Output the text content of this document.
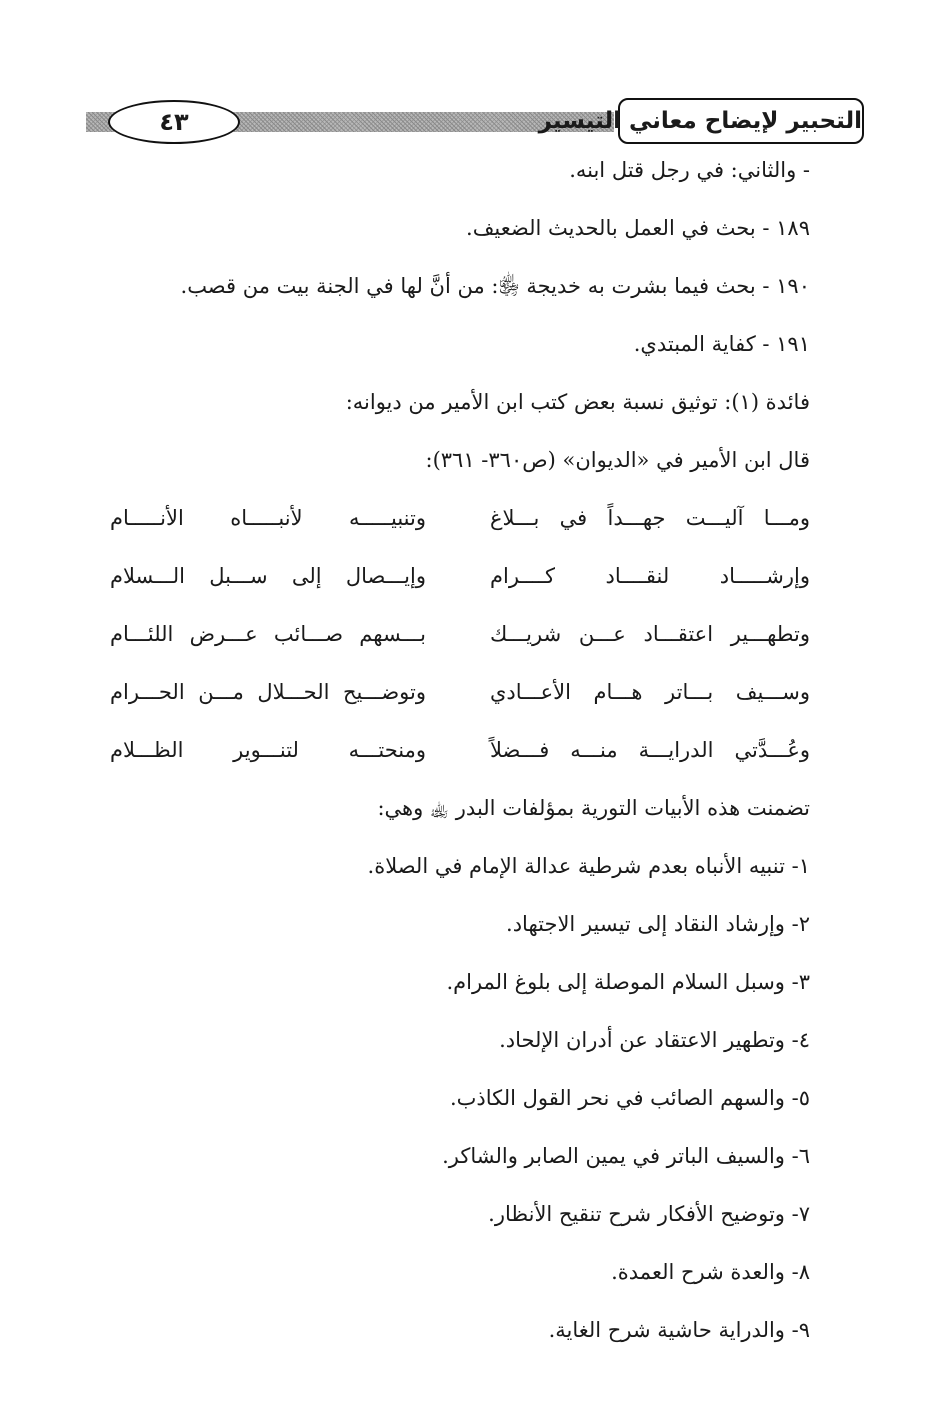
٤٣	التحبير لإيضاح معاني التيسير
- والثاني: في رجل قتل ابنه.
١٨٩ - بحث في العمل بالحديث الضعيف.
١٩٠ - بحث فيما بشرت به خديجة ﵂: من أنَّ لها في الجنة بيت من قصب.
١٩١ - كفاية المبتدي.
فائدة (١): توثيق نسبة بعض كتب ابن الأمير من ديوانه:
قال ابن الأمير في «الديوان» (ص٣٦٠- ٣٦١):
ومـــا آليـــت جهـــداً في بـــلاغ
وتنبيـــــه لأنبـــــاه الأنـــــام
وإرشـــــاد لنقــــاد كــــرام
وإيـــصال إلى ســـبل الـــسلام
وتطهـــير اعتقـــاد عـــن شريـــك
بـــسهم صـــائب عـــرض اللئـــام
وســـيف بـــاتر هـــام الأعـــادي
وتوضـــيح الحـــلال مـــن الحـــرام
وعُـــدَّتي الدرايـــة منـــه فـــضلاً
ومنحتـــه لتنـــوير الظـــلام
تضمنت هذه الأبيات التورية بمؤلفات البدر ﵀ وهي:
١- تنبيه الأنباه بعدم شرطية عدالة الإمام في الصلاة.
٢- وإرشاد النقاد إلى تيسير الاجتهاد.
٣- وسبل السلام الموصلة إلى بلوغ المرام.
٤- وتطهير الاعتقاد عن أدران الإلحاد.
٥- والسهم الصائب في نحر القول الكاذب.
٦- والسيف الباتر في يمين الصابر والشاكر.
٧- وتوضيح الأفكار شرح تنقيح الأنظار.
٨- والعدة شرح العمدة.
٩- والدراية حاشية شرح الغاية.
